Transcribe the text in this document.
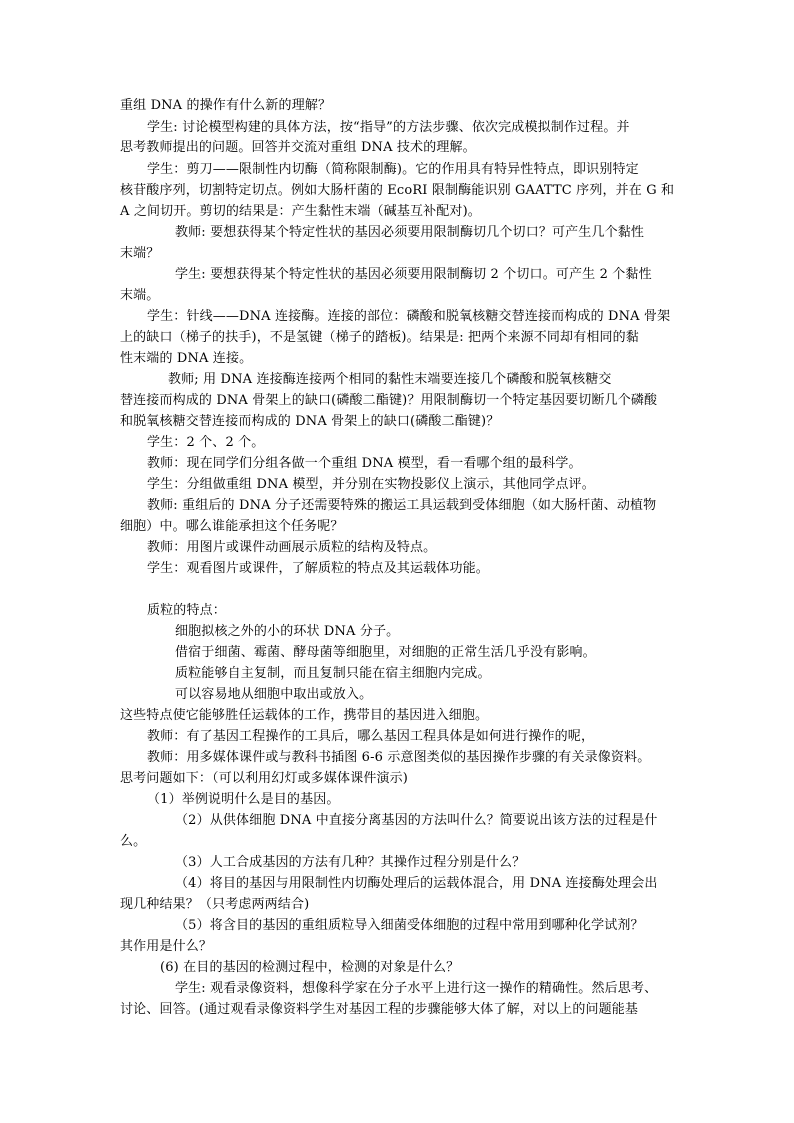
重组 DNA 的操作有什么新的理解？
学生: 讨论模型构建的具体方法，按“指导”的方法步骤、依次完成模拟制作过程。并
思考教师提出的问题。回答并交流对重组 DNA 技术的理解。
学生：剪刀——限制性内切酶（简称限制酶)。它的作用具有特异性特点，即识别特定
核苷酸序列，切割特定切点。例如大肠杆菌的 EcoRI 限制酶能识别 GAATTC 序列，并在 G 和
A 之间切开。剪切的结果是：产生黏性末端（碱基互补配对)。
教师: 要想获得某个特定性状的基因必须要用限制酶切几个切口？可产生几个黏性
末端？
学生: 要想获得某个特定性状的基因必须要用限制酶切 2 个切口。可产生 2 个黏性
末端。
学生：针线——DNA 连接酶。连接的部位：磷酸和脱氧核糖交替连接而构成的 DNA 骨架
上的缺口（梯子的扶手)，不是氢键（梯子的踏板)。结果是: 把两个来源不同却有相同的黏
性末端的 DNA 连接。
教师; 用 DNA 连接酶连接两个相同的黏性末端要连接几个磷酸和脱氧核糖交
替连接而构成的 DNA 骨架上的缺口(磷酸二酯键)？用限制酶切一个特定基因要切断几个磷酸
和脱氧核糖交替连接而构成的 DNA 骨架上的缺口(磷酸二酯键)？
学生：2 个、2 个。
教师：现在同学们分组各做一个重组 DNA 模型，看一看哪个组的最科学。
学生：分组做重组 DNA 模型，并分别在实物投影仪上演示，其他同学点评。
教师: 重组后的 DNA 分子还需要特殊的搬运工具运载到受体细胞（如大肠杆菌、动植物
细胞）中。哪么谁能承担这个任务呢？
教师：用图片或课件动画展示质粒的结构及特点。
学生：观看图片或课件，了解质粒的特点及其运载体功能。
质粒的特点：
细胞拟核之外的小的环状 DNA 分子。
借宿于细菌、霉菌、酵母菌等细胞里，对细胞的正常生活几乎没有影响。
质粒能够自主复制，而且复制只能在宿主细胞内完成。
可以容易地从细胞中取出或放入。
这些特点使它能够胜任运载体的工作，携带目的基因进入细胞。
教师：有了基因工程操作的工具后，哪么基因工程具体是如何进行操作的呢，
教师：用多媒体课件或与教科书插图 6-6 示意图类似的基因操作步骤的有关录像资料。
思考问题如下：（可以利用幻灯或多媒体课件演示)
（1）举例说明什么是目的基因。
（2）从供体细胞 DNA 中直接分离基因的方法叫什么？简要说出该方法的过程是什
么。
（3）人工合成基因的方法有几种？其操作过程分别是什么？
（4）将目的基因与用限制性内切酶处理后的运载体混合，用 DNA 连接酶处理会出
现几种结果？（只考虑两两结合)
（5）将含目的基因的重组质粒导入细菌受体细胞的过程中常用到哪种化学试剂？
其作用是什么？
(6) 在目的基因的检测过程中，检测的对象是什么？
学生: 观看录像资料，想像科学家在分子水平上进行这一操作的精确性。然后思考、
讨论、回答。(通过观看录像资料学生对基因工程的步骤能够大体了解，对以上的问题能基
